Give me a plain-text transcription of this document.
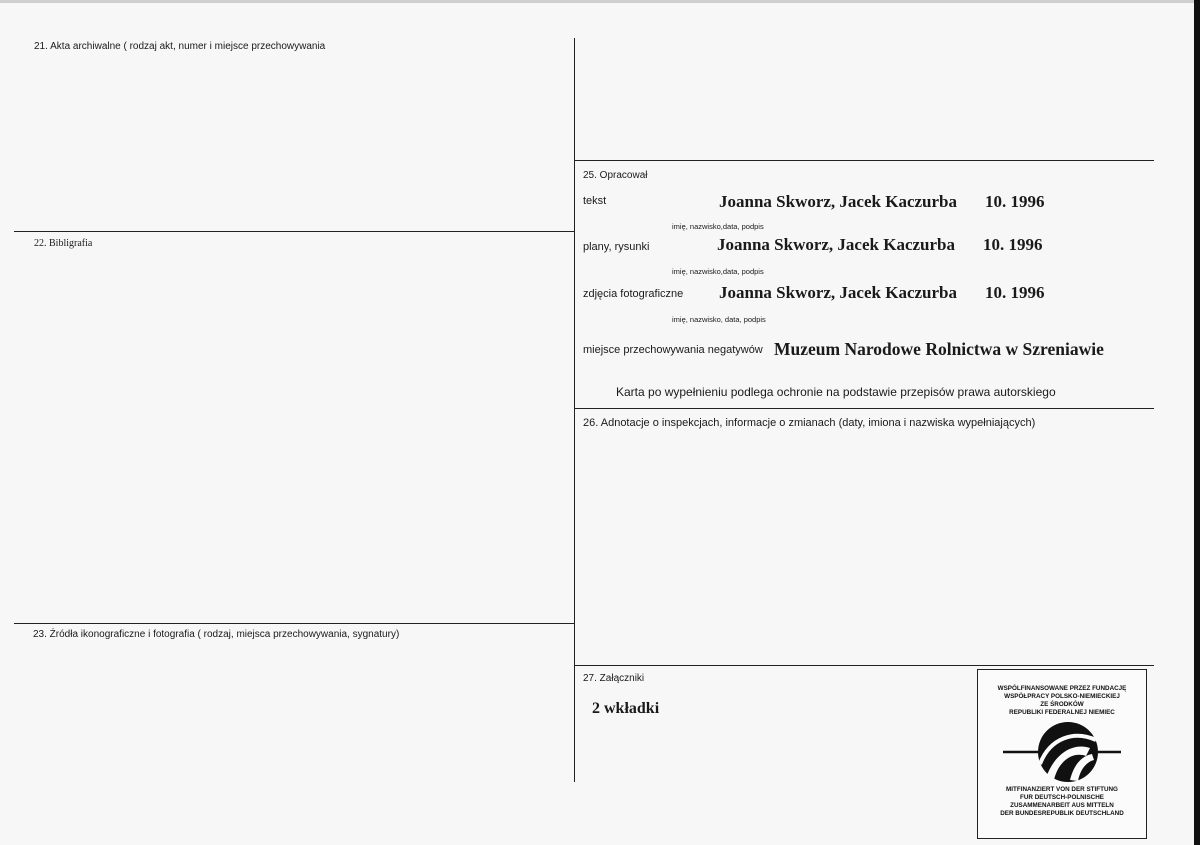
21. Akta archiwalne ( rodzaj akt, numer i miejsce przechowywania
22. Bibligrafia
23. Źródła ikonograficzne i fotografia ( rodzaj, miejsca przechowywania, sygnatury)
25. Opracował
tekst	Joanna Skworz, Jacek Kaczurba 10. 1996
imię, nazwisko,data, podpis
plany, rysunki	Joanna Skworz, Jacek Kaczurba 10. 1996
imię, nazwisko,data, podpis
zdjęcia fotograficzne Joanna Skworz, Jacek Kaczurba 10. 1996
imię, nazwisko, data, podpis
miejsce przechowywania negatywów Muzeum Narodowe Rolnictwa w Szreniawie
Karta po wypełnieniu podlega ochronie na podstawie przepisów prawa autorskiego
26. Adnotacje o inspekcjach, informacje o zmianach (daty, imiona i nazwiska wypełniających)
27. Załączniki
2 wkładki
WSPÓLFINANSOWANE PRZEZ FUNDACJĘ
WSPÓŁPRACY POLSKO-NIEMIECKIEJ
ZE ŚRODKÓW
REPUBLIKI FEDERALNEJ NIEMIEC
MITFINANZIERT VON DER STIFTUNG
FUR DEUTSCH-POLNISCHE
ZUSAMMENARBEIT AUS MITTELN
DER BUNDESREPUBLIK DEUTSCHLAND
